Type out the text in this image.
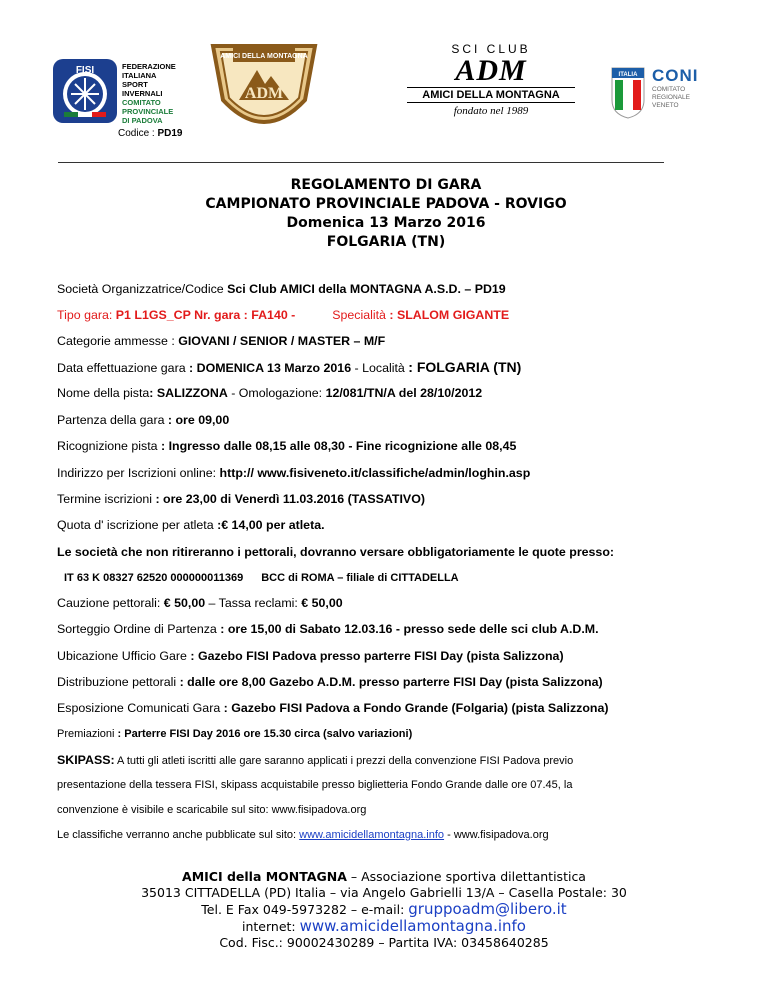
FISI	FEDERAZIONE
ITALIANA
SPORT
INVERNALI
COMITATO
PROVINCIALE
DI PADOVA
Codice : PD19
AMICI DELLA MONTAGNA
ADM
SCI CLUB
ADM
AMICI DELLA MONTAGNA
fondato nel 1989
ITALIA CONI
COMITATO
REGIONALE
VENETO
REGOLAMENTO DI GARA
CAMPIONATO PROVINCIALE PADOVA - ROVIGO
Domenica 13 Marzo 2016
FOLGARIA (TN)
Società Organizzatrice/Codice Sci Club AMICI della MONTAGNA A.S.D. – PD19
Tipo gara: P1 L1GS_CP Nr. gara : FA140 -	Specialità : SLALOM GIGANTE
Categorie ammesse : GIOVANI / SENIOR / MASTER – M/F
Data effettuazione gara : DOMENICA 13 Marzo 2016 - Località : FOLGARIA (TN)
Nome della pista: SALIZZONA - Omologazione: 12/081/TN/A del 28/10/2012
Partenza della gara : ore 09,00
Ricognizione pista : Ingresso dalle 08,15 alle 08,30 - Fine ricognizione alle 08,45
Indirizzo per Iscrizioni online: http:// www.fisiveneto.it/classifiche/admin/loghin.asp
Termine iscrizioni : ore 23,00 di Venerdì 11.03.2016 (TASSATIVO)
Quota d' iscrizione per atleta :€ 14,00 per atleta.
Le società che non ritireranno i pettorali, dovranno versare obbligatoriamente le quote presso:
IT 63 K 08327 62520 000000011369 BCC di ROMA – filiale di CITTADELLA
Cauzione pettorali: € 50,00 – Tassa reclami: € 50,00
Sorteggio Ordine di Partenza : ore 15,00 di Sabato 12.03.16 - presso sede delle sci club A.D.M.
Ubicazione Ufficio Gare : Gazebo FISI Padova presso parterre FISI Day (pista Salizzona)
Distribuzione pettorali : dalle ore 8,00 Gazebo A.D.M. presso parterre FISI Day (pista Salizzona)
Esposizione Comunicati Gara : Gazebo FISI Padova a Fondo Grande (Folgaria) (pista Salizzona)
Premiazioni : Parterre FISI Day 2016 ore 15.30 circa (salvo variazioni)
SKIPASS: A tutti gli atleti iscritti alle gare saranno applicati i prezzi della convenzione FISI Padova previo
presentazione della tessera FISI, skipass acquistabile presso biglietteria Fondo Grande dalle ore 07.45, la
convenzione è visibile e scaricabile sul sito: www.fisipadova.org
Le classifiche verranno anche pubblicate sul sito: www.amicidellamontagna.info - www.fisipadova.org
AMICI della MONTAGNA – Associazione sportiva dilettantistica
35013 CITTADELLA (PD) Italia – via Angelo Gabrielli 13/A – Casella Postale: 30
Tel. E Fax 049-5973282 – e-mail: gruppoadm@libero.it
internet: www.amicidellamontagna.info
Cod. Fisc.: 90002430289 – Partita IVA: 03458640285
